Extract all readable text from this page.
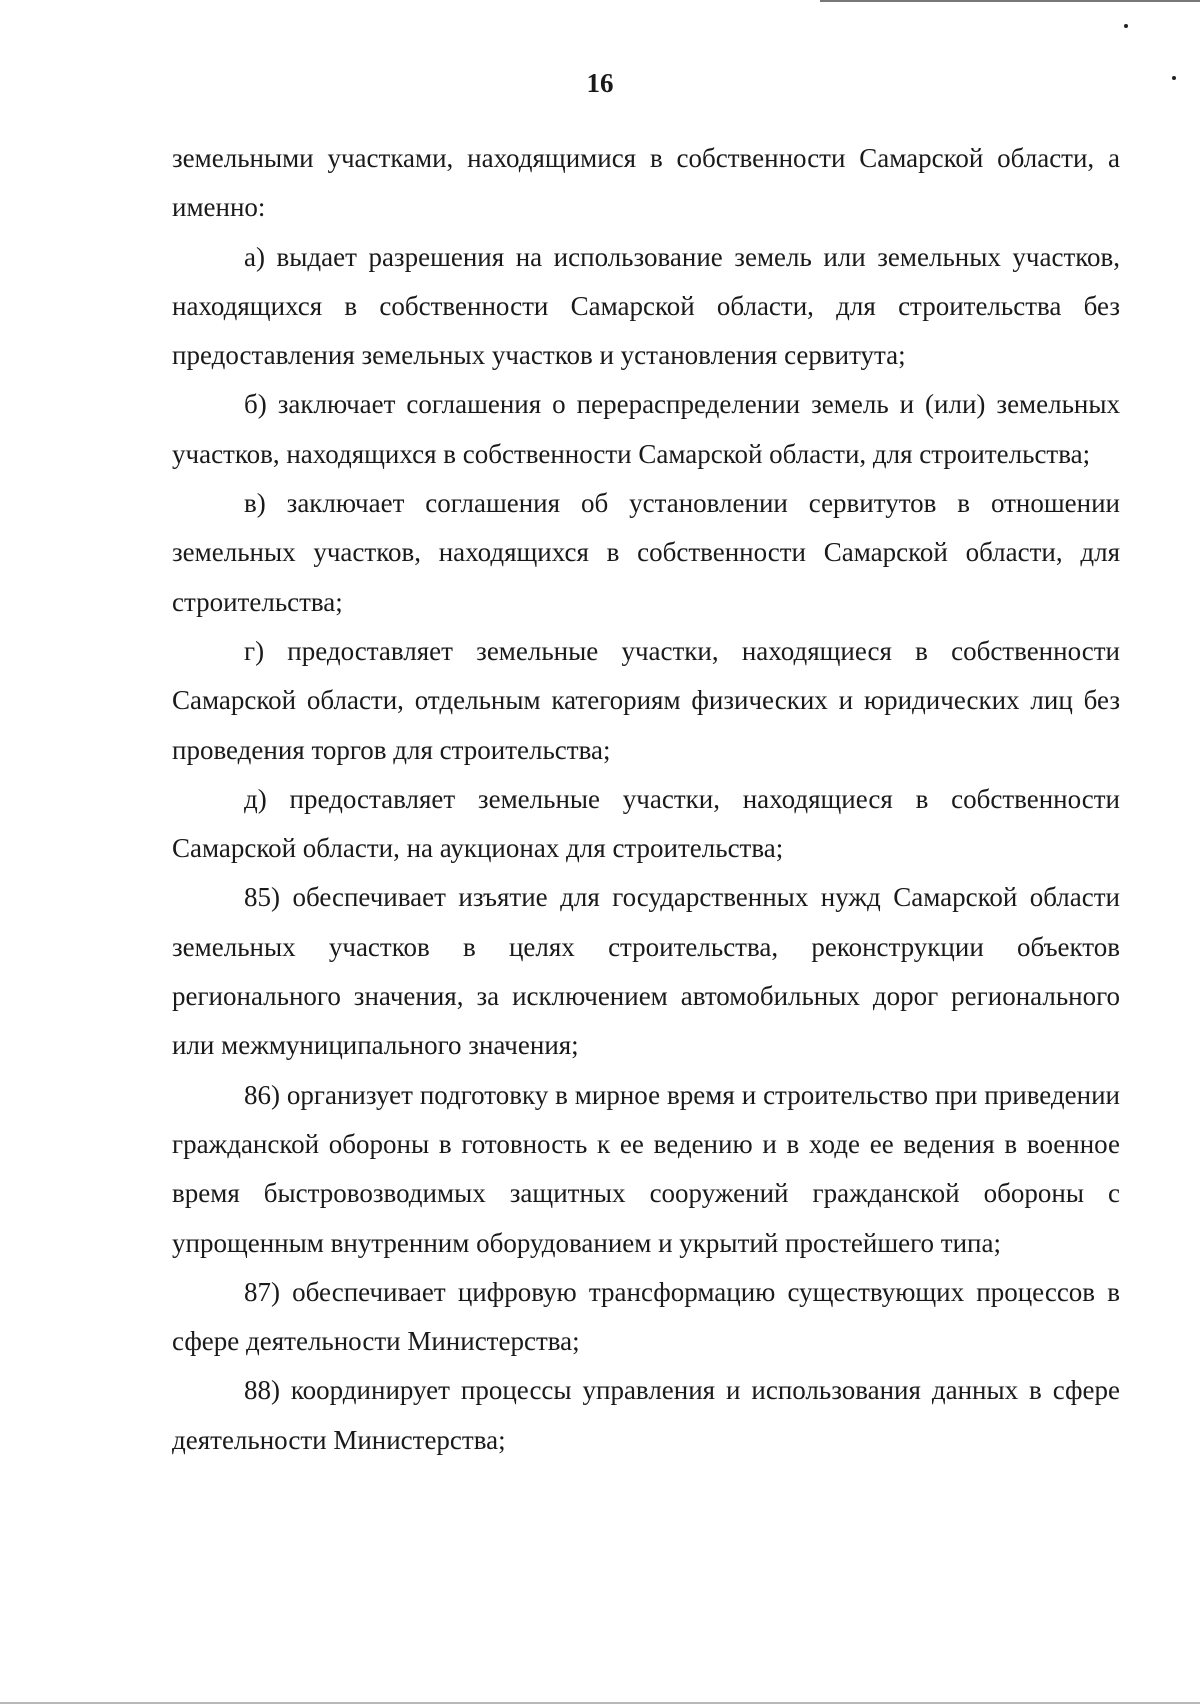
16

земельными участками, находящимися в собственности Самарской области, а именно:

а) выдает разрешения на использование земель или земельных участков, находящихся в собственности Самарской области, для строительства без предоставления земельных участков и установления сервитута;

б) заключает соглашения о перераспределении земель и (или) земельных участков, находящихся в собственности Самарской области, для строительства;

в) заключает соглашения об установлении сервитутов в отношении земельных участков, находящихся в собственности Самарской области, для строительства;

г) предоставляет земельные участки, находящиеся в собственности Самарской области, отдельным категориям физических и юридических лиц без проведения торгов для строительства;

д) предоставляет земельные участки, находящиеся в собственности Самарской области, на аукционах для строительства;

85) обеспечивает изъятие для государственных нужд Самарской области земельных участков в целях строительства, реконструкции объектов регионального значения, за исключением автомобильных дорог регионального или межмуниципального значения;

86) организует подготовку в мирное время и строительство при приведении гражданской обороны в готовность к ее ведению и в ходе ее ведения в военное время быстровозводимых защитных сооружений гражданской обороны с упрощенным внутренним оборудованием и укрытий простейшего типа;

87) обеспечивает цифровую трансформацию существующих процессов в сфере деятельности Министерства;

88) координирует процессы управления и использования данных в сфере деятельности Министерства;
